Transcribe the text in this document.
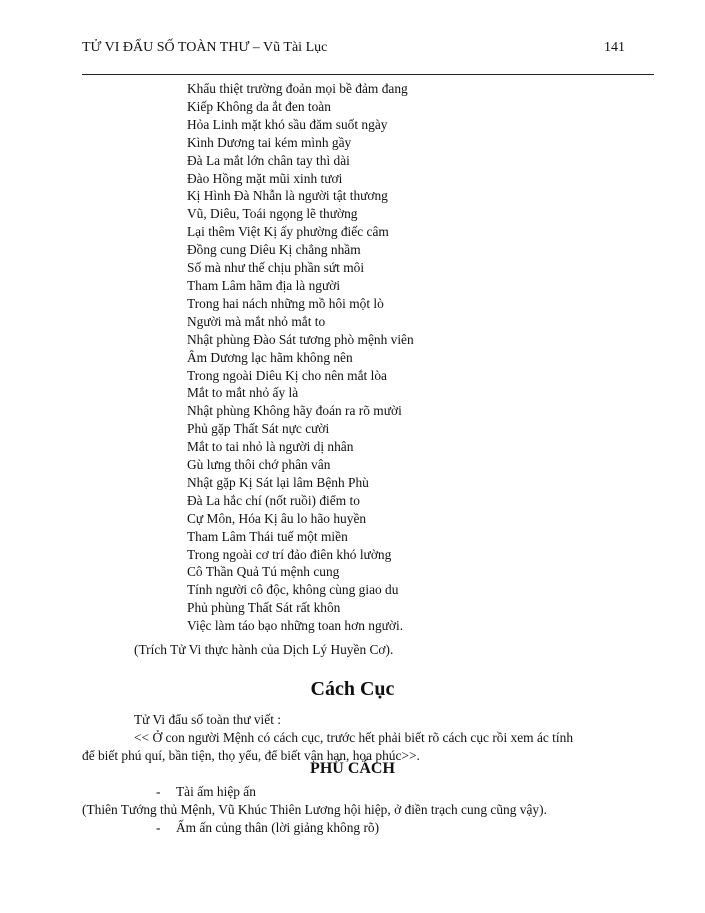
TỬ VI ĐẨU SỐ TOÀN THƯ – Vũ Tài Lục	141
Khẩu thiệt trường đoản mọi bề đảm đang
Kiếp Không da ắt đen toàn
Hỏa Linh mặt khó sầu đăm suốt ngày
Kình Dương tai kém mình gầy
Đà La mắt lớn chân tay thì dài
Đào Hồng mặt mũi xinh tươi
Kị Hình Đà Nhẫn là người tật thương
Vũ, Diêu, Toái ngọng lẽ thường
Lại thêm Việt Kị ấy phường điếc câm
Đồng cung Diêu Kị chẳng nhầm
Số mà như thế chịu phần sứt môi
Tham Lâm hãm địa là người
Trong hai nách những mồ hôi một lò
Người mà mắt nhỏ mắt to
Nhật phùng Đào Sát tương phò mệnh viên
Âm Dương lạc hãm không nên
Trong ngoài Diêu Kị cho nên mắt lòa
Mắt to mắt nhỏ ấy là
Nhật phùng Không hãy đoán ra rõ mười
Phủ gặp Thất Sát nực cười
Mắt to tai nhỏ là người dị nhân
Gù lưng thôi chớ phân vân
Nhật gặp Kị Sát lại lâm Bệnh Phù
Đà La hắc chí (nốt ruồi) điểm to
Cự Môn, Hóa Kị âu lo hão huyền
Tham Lâm Thái tuế một miền
Trong ngoài cơ trí đảo điên khó lường
Cô Thần Quả Tú mệnh cung
Tính người cô độc, không cùng giao du
Phủ phùng Thất Sát rất khôn
Việc làm táo bạo những toan hơn người.
(Trích Tử Vi thực hành của Dịch Lý Huyền Cơ).
Cách Cục
Tử Vi đẩu số toàn thư viết :
<< Ở con người Mệnh có cách cục, trước hết phải biết rõ cách cục rồi xem ác tính
để biết phú quí, bần tiện, thọ yểu, để biết vận hạn, họa phúc>>.
PHÚ CÁCH
- Tài ấm hiệp ấn
(Thiên Tướng thủ Mệnh, Vũ Khúc Thiên Lương hội hiệp, ở điền trạch cung cũng vậy).
- Ấm ấn củng thân (lời giảng không rõ)
